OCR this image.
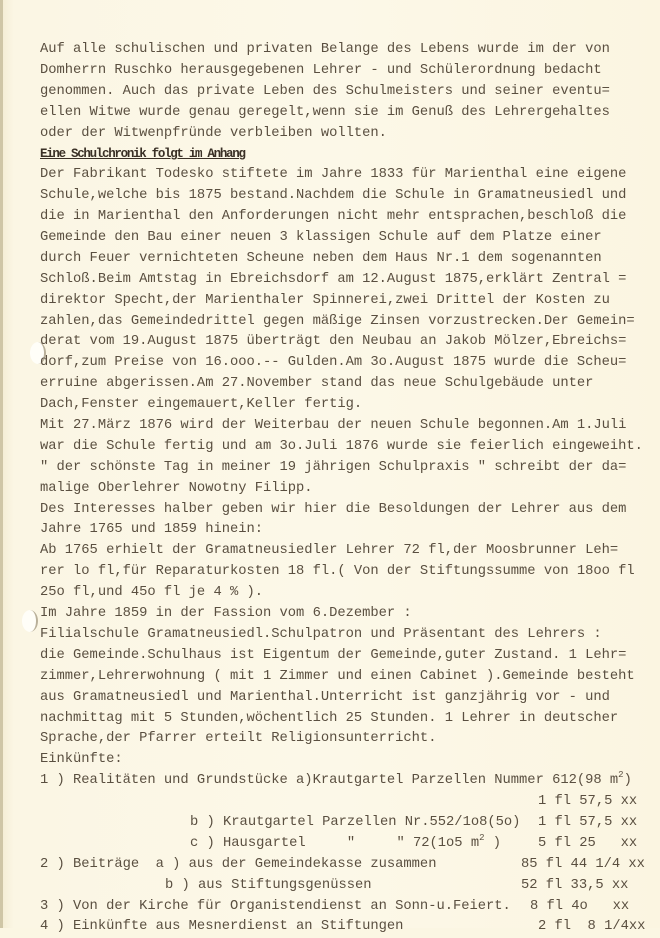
Auf alle schulischen und privaten Belange des Lebens wurde im der von
Domherrn Ruschko herausgegebenen Lehrer - und Schülerordnung bedacht
genommen. Auch das private Leben des Schulmeisters und seiner eventu=
ellen Witwe wurde genau geregelt,wenn sie im Genuß des Lehrergehaltes
oder der Witwenpfründe verbleiben wollten.
Eine Schulchronik folgt im Anhang
Der Fabrikant Todesko stiftete im Jahre 1833 für Marienthal eine eigene
Schule,welche bis 1875 bestand.Nachdem die Schule in Gramatneusiedl und
die in Marienthal den Anforderungen nicht mehr entsprachen,beschloß die
Gemeinde den Bau einer neuen 3 klassigen Schule auf dem Platze einer
durch Feuer vernichteten Scheune neben dem Haus Nr.1 dem sogenannten
Schloß.Beim Amtstag in Ebreichsdorf am 12.August 1875,erklärt Zentral =
direktor Specht,der Marienthaler Spinnerei,zwei Drittel der Kosten zu
zahlen,das Gemeindedrittel gegen mäßige Zinsen vorzustrecken.Der Gemein=
derat vom 19.August 1875 überträgt den Neubau an Jakob Mölzer,Ebreichs=
dorf,zum Preise von 16.ooo.-- Gulden.Am 3o.August 1875 wurde die Scheu=
erruine abgerissen.Am 27.November stand das neue Schulgebäude unter
Dach,Fenster eingemauert,Keller fertig.
Mit 27.März 1876 wird der Weiterbau der neuen Schule begonnen.Am 1.Juli
war die Schule fertig und am 3o.Juli 1876 wurde sie feierlich eingeweiht.
" der schönste Tag in meiner 19 jährigen Schulpraxis " schreibt der da=
malige Oberlehrer Nowotny Filipp.
Des Interesses halber geben wir hier die Besoldungen der Lehrer aus dem
Jahre 1765 und 1859 hinein:
Ab 1765 erhielt der Gramatneusiedler Lehrer 72 fl,der Moosbrunner Leh=
rer lo fl,für Reparaturkosten 18 fl.( Von der Stiftungssumme von 18oo fl
25o fl,und 45o fl je 4 % ).
Im Jahre 1859 in der Fassion vom 6.Dezember :
Filialschule Gramatneusiedl.Schulpatron und Präsentant des Lehrers :
die Gemeinde.Schulhaus ist Eigentum der Gemeinde,guter Zustand. 1 Lehr=
zimmer,Lehrerwohnung ( mit 1 Zimmer und einen Cabinet ).Gemeinde besteht
aus Gramatneusiedl und Marienthal.Unterricht ist ganzjährig vor - und
nachmittag mit 5 Stunden,wöchentlich 25 Stunden. 1 Lehrer in deutscher
Sprache,der Pfarrer erteilt Religionsunterricht.
Einkünfte:
1 ) Realitäten und Grundstücke a)Krautgartel Parzellen Nummer 612(98 $m^2$)
1 fl 57,5 xx
b ) Krautgartel Parzellen Nr.552/1o8(5o) 1 fl 57,5 xx
c ) Hausgartel     "     " 72(1o5 $m^2$ )	5 fl 25   xx
2 ) Beiträge  a ) aus der Gemeindekasse zusammen	85 fl 44 1/4 xx
b ) aus Stiftungsgenüssen	52 fl 33,5 xx
3 ) Von der Kirche für Organistendienst an Sonn-u.Feiert. 8 fl 4o   xx
4 ) Einkünfte aus Mesnerdienst an Stiftungen	2 fl  8 1/4xx
